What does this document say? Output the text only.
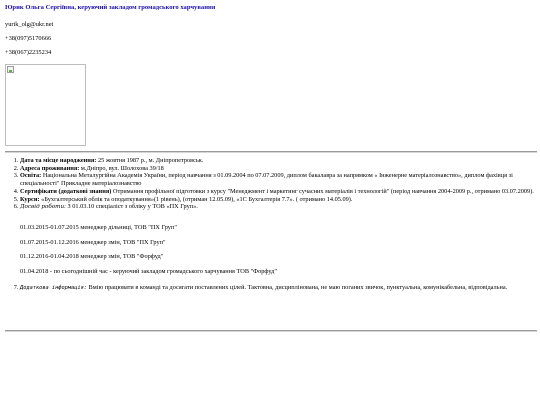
Юрик Ольга Сергіївна, керуючий закладом громадського харчування
yurik_olg@ukr.net
+38(097)5170666
+38(067)2235234
1. Дата та місце народження: 25 жовтня 1987 р., м. Дніпропетровськ.
2. Адреса проживання: м.Дніпро, вул. Шолохова 39/18
3. Освіта: Національна Металургійна Академія України, період навчання з 01.09.2004 по 07.07.2009, диплом бакалавра за напрямком « Інженерне матеріалознавство», диплом фахівця зі спеціальності" Прикладне матеріалознавство
4. Сертифікати (додаткові знання) Отримання профільної підготовки з курсу "Менеджмент і маркетинг сучасних матеріалів і технологій" (період навчання 2004-2009 р., отримано 03.07.2009).
5. Курси: «Бухгалтерський облік та оподаткування»(1 рівень), (отриман 12.05.09), «1С Бухгалтерія 7.7». ( отримано 14.05.09).
6. Досвід роботи: З 01.03.10 спеціаліст з обліку у ТОВ «ПХ Груп».

01.03.2015-01.07.2015 менеджер дільниці, ТОВ "ПХ Груп"

01.07.2015-01.12.2016 менеджер змін, ТОВ "ПХ Груп"

01.12.2016-01.04.2018 менеджер змін, ТОВ "Форфуд"

01.04.2018 - по сьогоднішній час - керуючий закладом громадського харчування ТОВ "Форфуд"

7. Додаткова інформація: Вмію працювати в команді та досягати поставлених цілей. Тактовна, дисциплінована, не маю поганих звичок, пунктуальна, комунікабельна, відповідальна.
